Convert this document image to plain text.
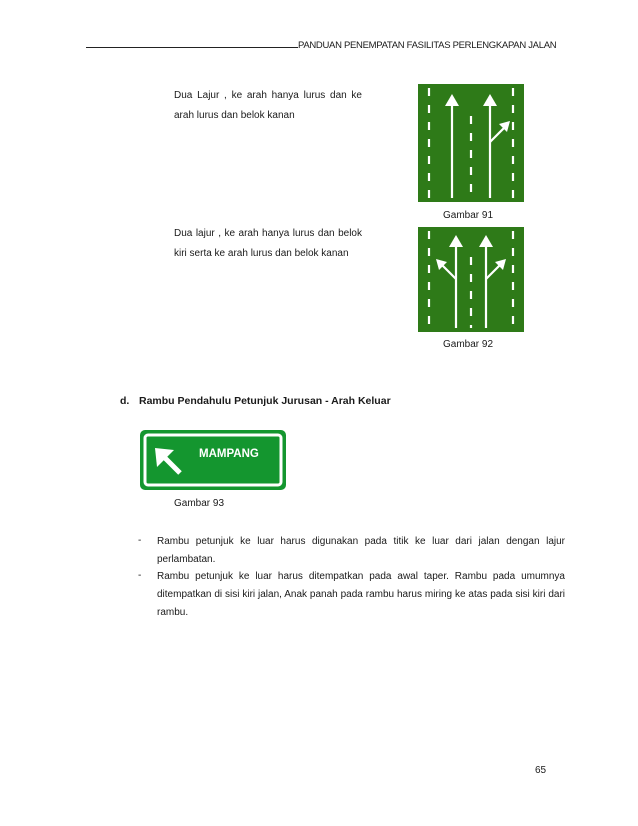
PANDUAN PENEMPATAN FASILITAS PERLENGKAPAN JALAN
Dua Lajur , ke arah hanya lurus dan ke arah lurus dan belok kanan
Gambar 91
Dua lajur , ke arah hanya lurus dan belok kiri serta ke arah lurus dan belok kanan
Gambar 92
d. Rambu Pendahulu Petunjuk Jurusan - Arah Keluar
MAMPANG
Gambar 93
- Rambu petunjuk ke luar harus digunakan pada titik ke luar dari jalan dengan lajur perlambatan.
- Rambu petunjuk ke luar harus ditempatkan pada awal taper. Rambu pada umumnya ditempatkan di sisi kiri jalan, Anak panah pada rambu harus miring ke atas pada sisi kiri dari rambu.
65
